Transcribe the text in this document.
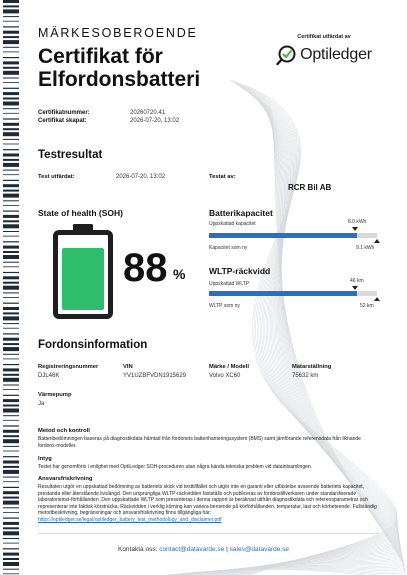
MÄRKESOBEROENDE
Certifikat för Elfordonsbatteri
Certifikat utfärdat av
Optiledger
Certifikatnummer:	20260720.41
Certifikat skapat:	2026-07-20, 13:02
Testresultat
Test utfärdat:	2026-07-20, 13:02	Testat av:
RCR Bil AB
State of health (SOH)
88 %
Batterikapacitet
Uppskattad kapacitet	8.0 kWh
Kapacitet som ny	9.1 kWh
WLTP-räckvidd
Uppskattad WLTP	46 km
WLTP som ny	52 km
Fordonsinformation
Registreringsnummer
DJL46K
VIN
YV1UZBFVDN1915629
Märke / Modell
Volvo XC60
Mätarställning
75632 km
Värmepump
Ja
Metod och kontroll
Batteribedömningen baseras på diagnostikdata hämtad från fordonets batterihanteringssystem (BMS) samt jämförande referensdata från liknande fordons-modeller.
Intyg
Testet har genomförts i enlighet med OptiLedger SOH-proceduren utan några kända tekniska problem vid dataintsamlingen.
Ansvarsfriskrivning
Resultaten utgör en uppskattad bedömning av batteriets skick vid testtillfället och utgör inte en garanti eller utfästelse avseende batteriets kapacitet, prestanda eller återstående livslängd. Den ursprungliga WLTP-räckvidden fastställs och publiceras av fordonstillverkaren under standardiserade laboratorieinst-förhållanden. Den uppskattade WLTP som presenteras i denna rapport är beräknad utifrån diagnostikdata och referensparametrar och representerar inte faktisk körsträcka. Räckvidden i verklig körning kan variera beroende på körförhållanden, temperatur, last och körbeteende. Fullständig metodbeskrivning, begränsningar och ansvarsfriskrivning finns tillgängliga här: https://optiledger.se/legal/optiledger_battery_test_methodology_and_disclaimer.pdf
Kontakta oss: contact@datavarde.se | sales@datavarde.se
